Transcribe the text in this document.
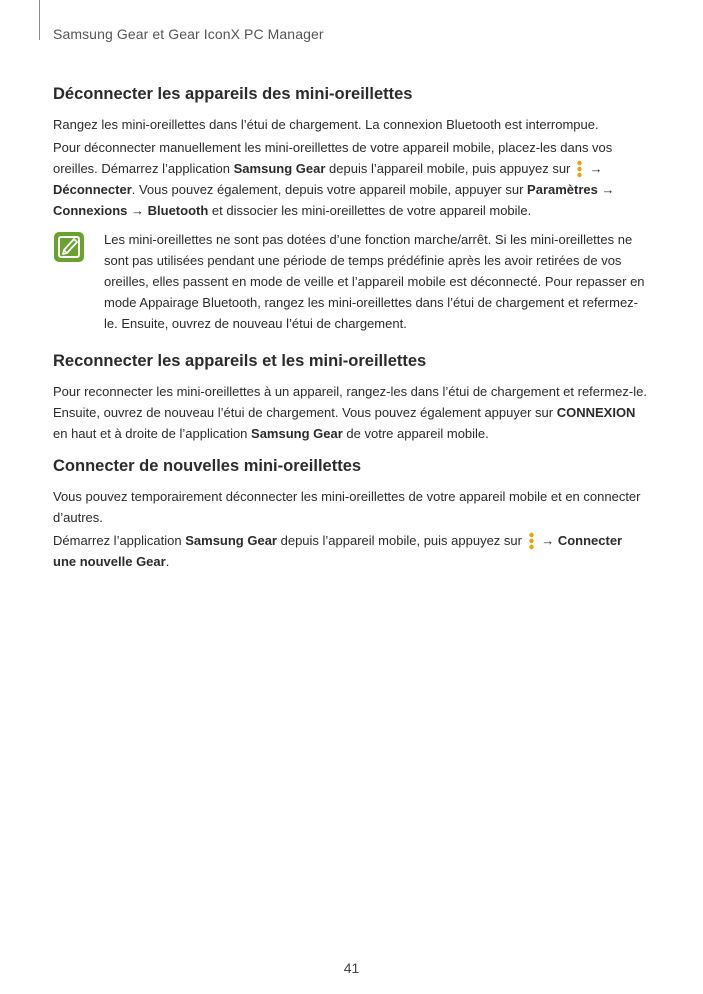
Samsung Gear et Gear IconX PC Manager
Déconnecter les appareils des mini-oreillettes

Rangez les mini-oreillettes dans l’étui de chargement. La connexion Bluetooth est interrompue.

Pour déconnecter manuellement les mini-oreillettes de votre appareil mobile, placez-les dans vos oreilles. Démarrez l’application Samsung Gear depuis l’appareil mobile, puis appuyez sur  → Déconnecter. Vous pouvez également, depuis votre appareil mobile, appuyer sur Paramètres → Connexions → Bluetooth et dissocier les mini-oreillettes de votre appareil mobile.

Les mini-oreillettes ne sont pas dotées d’une fonction marche/arrêt. Si les mini-oreillettes ne sont pas utilisées pendant une période de temps prédéfinie après les avoir retirées de vos oreilles, elles passent en mode de veille et l’appareil mobile est déconnecté. Pour repasser en mode Appairage Bluetooth, rangez les mini-oreillettes dans l’étui de chargement et refermez-le. Ensuite, ouvrez de nouveau l’étui de chargement.

Reconnecter les appareils et les mini-oreillettes

Pour reconnecter les mini-oreillettes à un appareil, rangez-les dans l’étui de chargement et refermez-le. Ensuite, ouvrez de nouveau l’étui de chargement. Vous pouvez également appuyer sur CONNEXION en haut et à droite de l’application Samsung Gear de votre appareil mobile.

Connecter de nouvelles mini-oreillettes

Vous pouvez temporairement déconnecter les mini-oreillettes de votre appareil mobile et en connecter d’autres.

Démarrez l’application Samsung Gear depuis l’appareil mobile, puis appuyez sur  → Connecter une nouvelle Gear.

41
